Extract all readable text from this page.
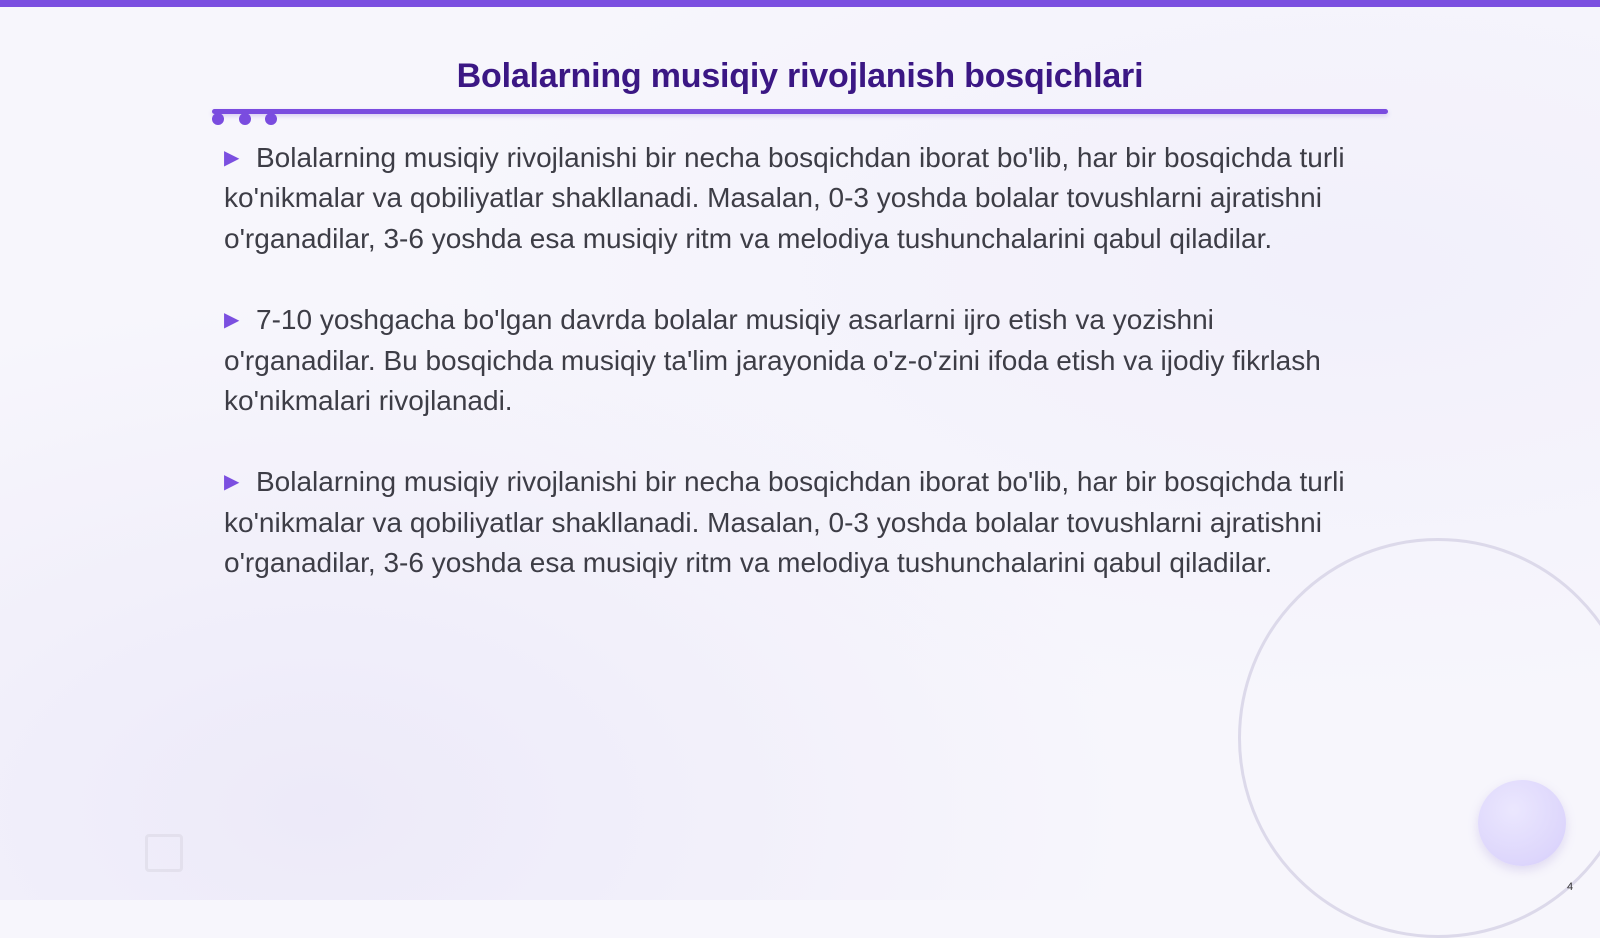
Bolalarning musiqiy rivojlanish bosqichlari

▶ Bolalarning musiqiy rivojlanishi bir necha bosqichdan iborat bo'lib, har bir bosqichda turli ko'nikmalar va qobiliyatlar shakllanadi. Masalan, 0-3 yoshda bolalar tovushlarni ajratishni o'rganadilar, 3-6 yoshda esa musiqiy ritm va melodiya tushunchalarini qabul qiladilar.

▶ 7-10 yoshgacha bo'lgan davrda bolalar musiqiy asarlarni ijro etish va yozishni o'rganadilar. Bu bosqichda musiqiy ta'lim jarayonida o'z-o'zini ifoda etish va ijodiy fikrlash ko'nikmalari rivojlanadi.

▶ Bolalarning musiqiy rivojlanishi bir necha bosqichdan iborat bo'lib, har bir bosqichda turli ko'nikmalar va qobiliyatlar shakllanadi. Masalan, 0-3 yoshda bolalar tovushlarni ajratishni o'rganadilar, 3-6 yoshda esa musiqiy ritm va melodiya tushunchalarini qabul qiladilar.

4
